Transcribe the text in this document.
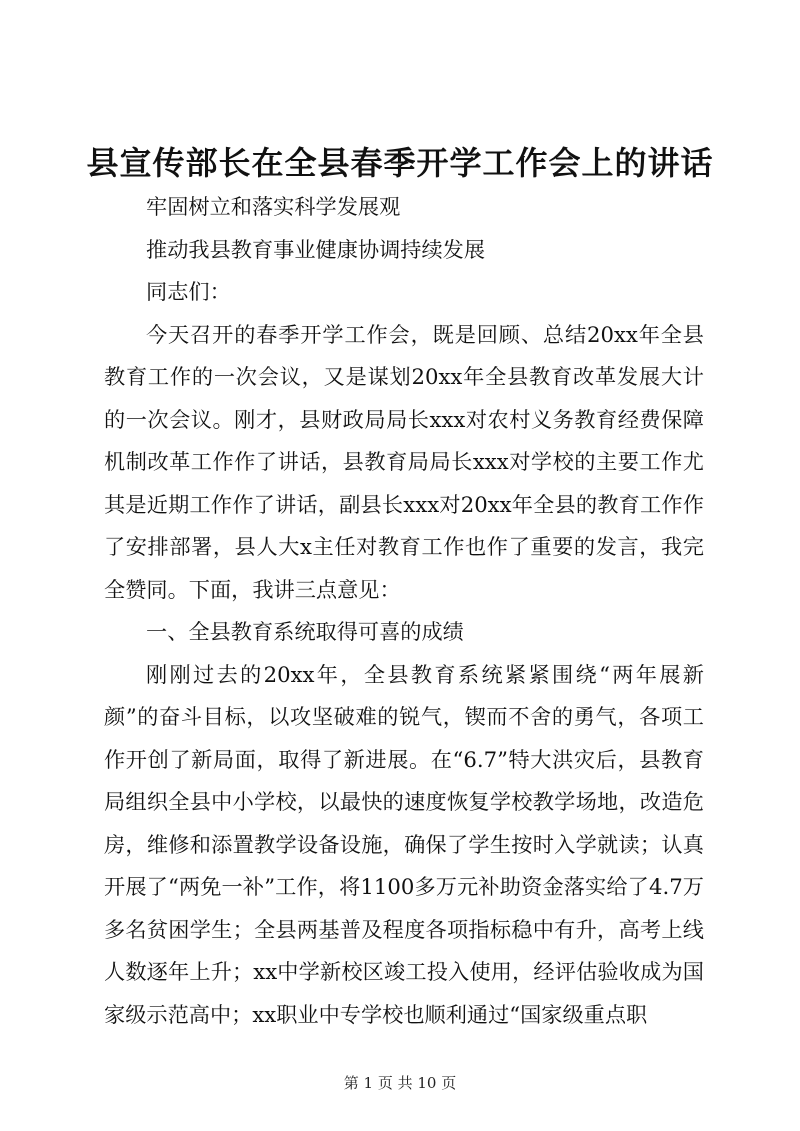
县宣传部长在全县春季开学工作会上的讲话

牢固树立和落实科学发展观

推动我县教育事业健康协调持续发展

同志们：

今天召开的春季开学工作会，既是回顾、总结20xx年全县教育工作的一次会议，又是谋划20xx年全县教育改革发展大计的一次会议。刚才，县财政局局长xxx对农村义务教育经费保障机制改革工作作了讲话，县教育局局长xxx对学校的主要工作尤其是近期工作作了讲话，副县长xxx对20xx年全县的教育工作作了安排部署，县人大x主任对教育工作也作了重要的发言，我完全赞同。下面，我讲三点意见：

一、全县教育系统取得可喜的成绩

刚刚过去的20xx年，全县教育系统紧紧围绕“两年展新颜”的奋斗目标，以攻坚破难的锐气，锲而不舍的勇气，各项工作开创了新局面，取得了新进展。在“6.7”特大洪灾后，县教育局组织全县中小学校，以最快的速度恢复学校教学场地，改造危房，维修和添置教学设备设施，确保了学生按时入学就读；认真开展了“两免一补”工作，将1100多万元补助资金落实给了4.7万多名贫困学生；全县两基普及程度各项指标稳中有升，高考上线人数逐年上升；xx中学新校区竣工投入使用，经评估验收成为国家级示范高中；xx职业中专学校也顺利通过“国家级重点职

第 1 页 共 10 页
